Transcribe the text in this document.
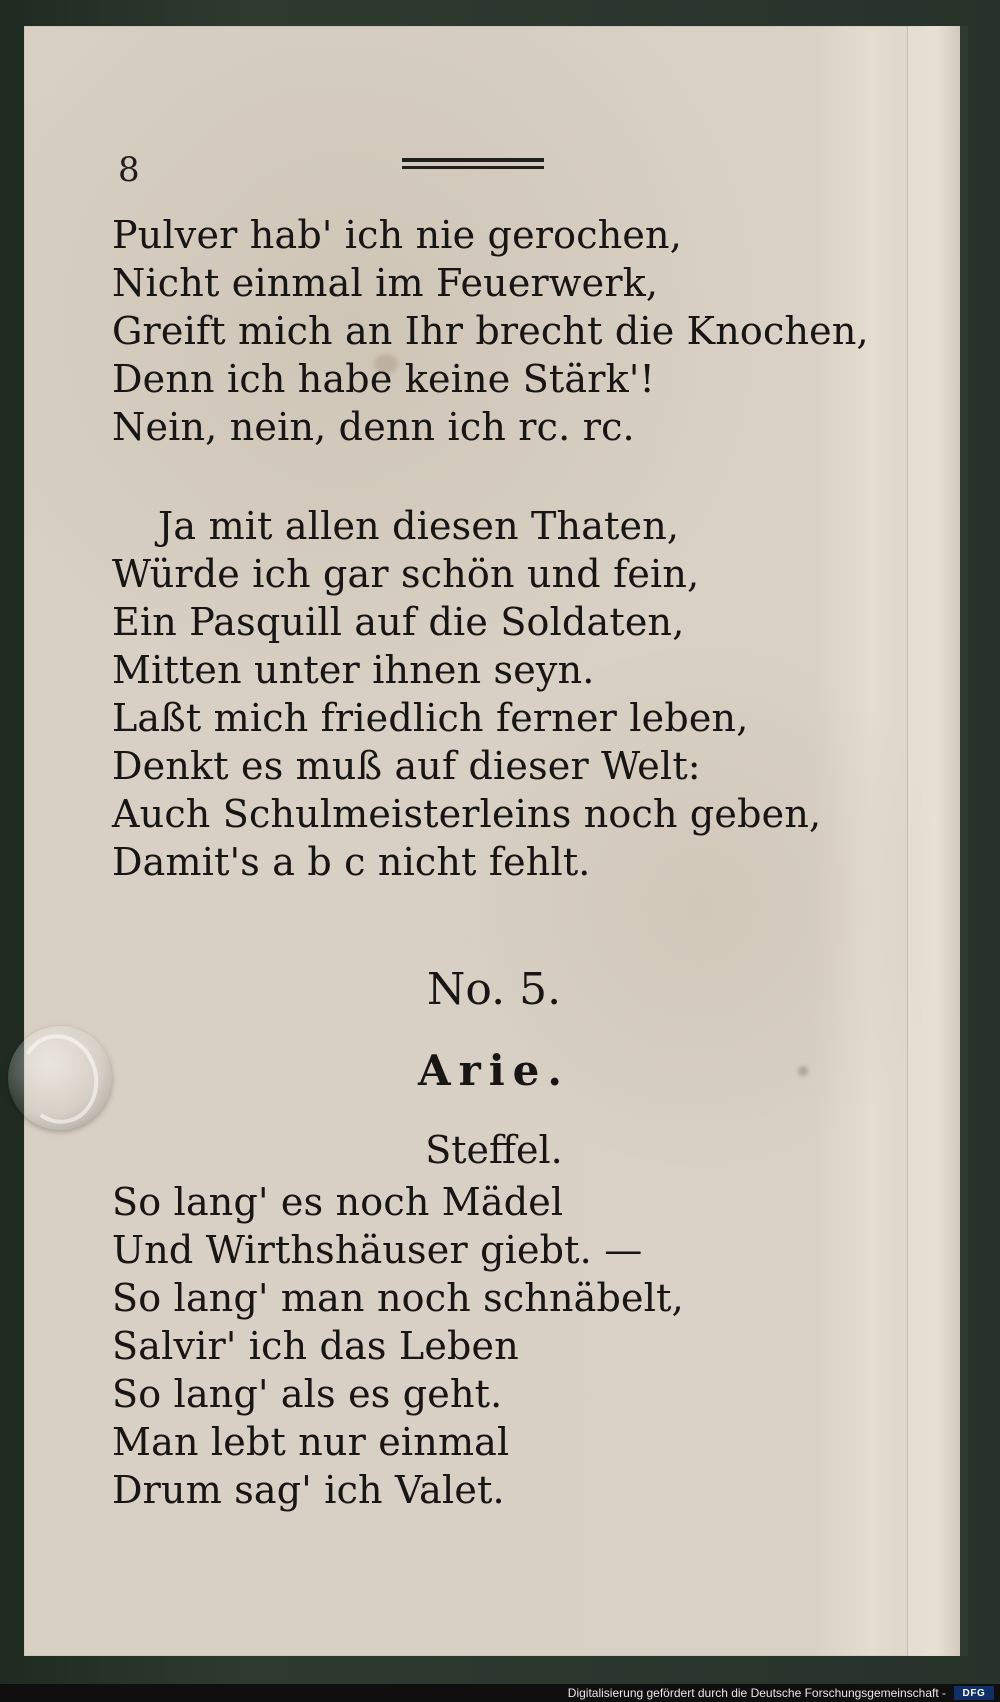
8
Pulver hab' ich nie gerochen,
Nicht einmal im Feuerwerk,
Greift mich an Ihr brecht die Knochen,
Denn ich habe keine Stärk'!
Nein, nein, denn ich rc. rc.
Ja mit allen diesen Thaten,
Würde ich gar schön und fein,
Ein Pasquill auf die Soldaten,
Mitten unter ihnen seyn.
Laßt mich friedlich ferner leben,
Denkt es muß auf dieser Welt:
Auch Schulmeisterleins noch geben,
Damit's a b c nicht fehlt.
No. 5.
Arie.
Steffel.
So lang' es noch Mädel
Und Wirthshäuser giebt. —
So lang' man noch schnäbelt,
Salvir' ich das Leben
So lang' als es geht.
Man lebt nur einmal
Drum sag' ich Valet.
Digitalisierung gefördert durch die Deutsche Forschungsgemeinschaft -	DFG
